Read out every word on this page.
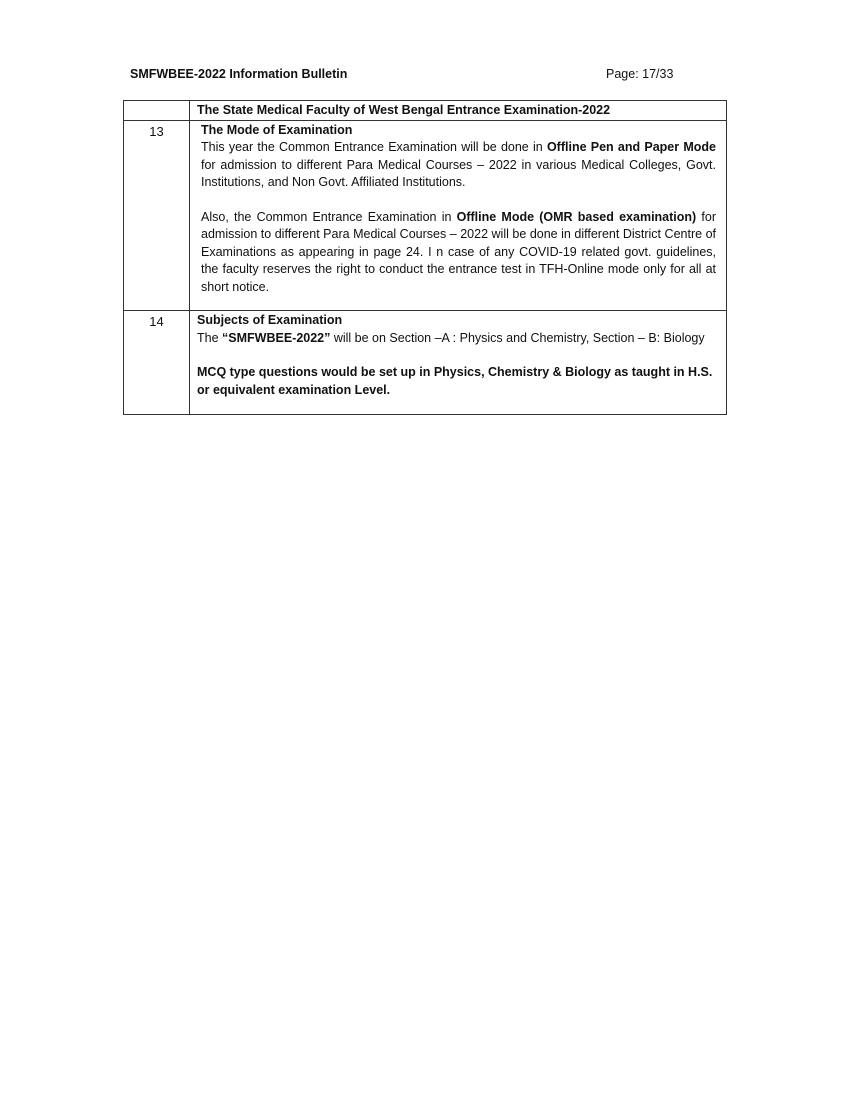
SMFWBEE-2022 Information Bulletin	Page: 17/33

	The State Medical Faculty of West Bengal Entrance Examination-2022

13	The Mode of Examination

This year the Common Entrance Examination will be done in Offline Pen and Paper Mode for admission to different Para Medical Courses – 2022 in various Medical Colleges, Govt. Institutions, and Non Govt. Affiliated Institutions.

Also, the Common Entrance Examination in Offline Mode (OMR based examination) for admission to different Para Medical Courses – 2022 will be done in different District Centre of Examinations as appearing in page 24. I n case of any COVID-19 related govt. guidelines, the faculty reserves the right to conduct the entrance test in TFH-Online mode only for all at short notice.

14	Subjects of Examination

The “SMFWBEE-2022” will be on Section –A : Physics and Chemistry, Section – B: Biology

MCQ type questions would be set up in Physics, Chemistry & Biology as taught in H.S. or equivalent examination Level.
